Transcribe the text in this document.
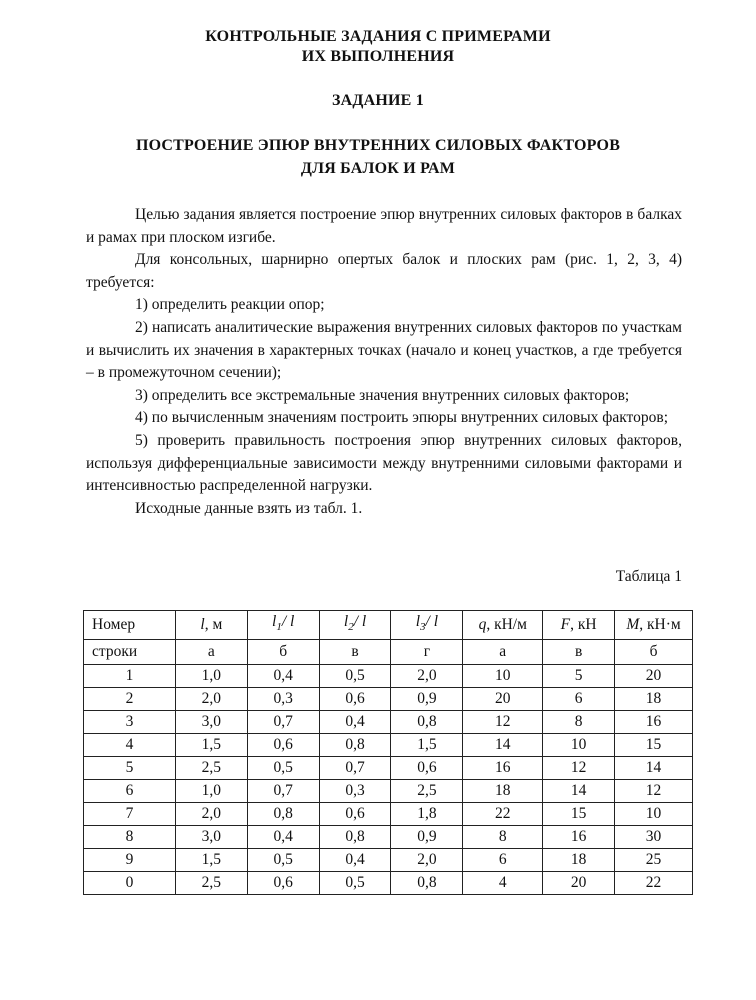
КОНТРОЛЬНЫЕ ЗАДАНИЯ С ПРИМЕРАМИ
ИХ ВЫПОЛНЕНИЯ
ЗАДАНИЕ 1
ПОСТРОЕНИЕ ЭПЮР ВНУТРЕННИХ СИЛОВЫХ ФАКТОРОВ
ДЛЯ БАЛОК И РАМ

Целью задания является построение эпюр внутренних силовых факторов в балках и рамах при плоском изгибе.

Для консольных, шарнирно опертых балок и плоских рам (рис. 1, 2, 3, 4) требуется:

1) определить реакции опор;

2) написать аналитические выражения внутренних силовых факторов по участкам и вычислить их значения в характерных точках (начало и конец участков, а где требуется – в промежуточном сечении);

3) определить все экстремальные значения внутренних силовых факторов;

4) по вычисленным значениям построить эпюры внутренних силовых факторов;

5) проверить правильность построения эпюр внутренних силовых факторов, используя дифференциальные зависимости между внутренними силовыми факторами и интенсивностью распределенной нагрузки.

Исходные данные взять из табл. 1.

Таблица 1
Номер	l, м	$l_1/$ l	$l_2/$ l	$l_3/$ l	q, кН/м	F, кН	M, кН·м
строки	а	б	в	г	а	в	б
1	1,0	0,4	0,5	2,0	10	5	20
2	2,0	0,3	0,6	0,9	20	6	18
3	3,0	0,7	0,4	0,8	12	8	16
4	1,5	0,6	0,8	1,5	14	10	15
5	2,5	0,5	0,7	0,6	16	12	14
6	1,0	0,7	0,3	2,5	18	14	12
7	2,0	0,8	0,6	1,8	22	15	10
8	3,0	0,4	0,8	0,9	8	16	30
9	1,5	0,5	0,4	2,0	6	18	25
0	2,5	0,6	0,5	0,8	4	20	22
